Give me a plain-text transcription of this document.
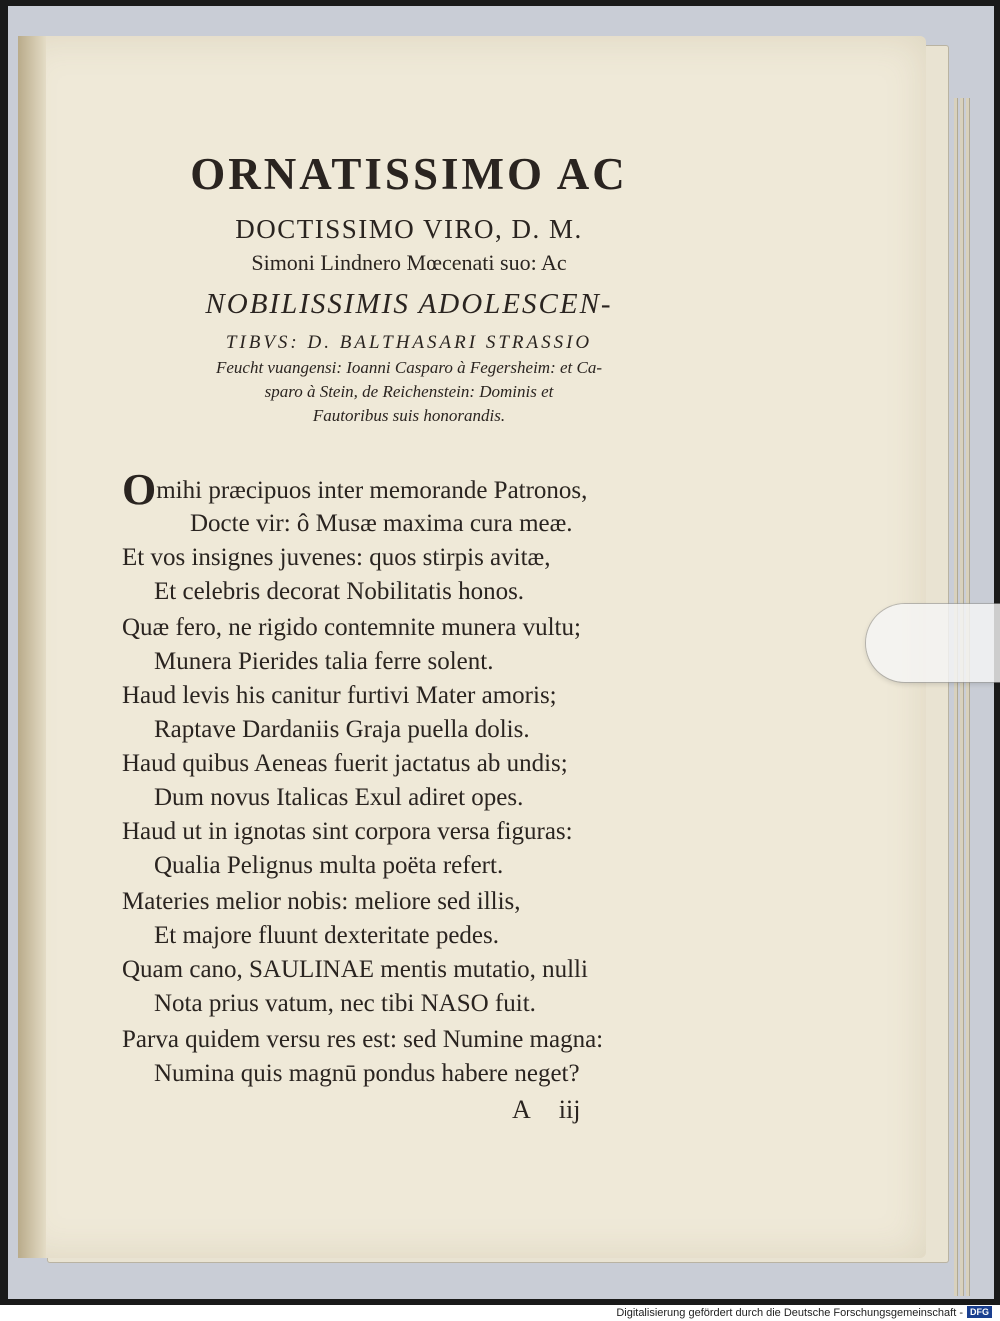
ORNATISSIMO AC
DOCTISSIMO VIRO, D. M.
Simoni Lindnero Mœcenati suo: Ac
NOBILISSIMIS ADOLESCEN-
TIBVS: D. BALTHASARI STRASSIO
Feucht vuangensi: Ioanni Casparo à Fegersheim: et Ca-
sparo à Stein, de Reichenstein: Dominis et
Fautoribus suis honorandis.
Omihi præcipuos inter memorande Patronos,
Docte vir: ô Musæ maxima cura meæ.
Et vos insignes juvenes: quos stirpis avitæ,
Et celebris decorat Nobilitatis honos.
Quæ fero, ne rigido contemnite munera vultu;
Munera Pierides talia ferre solent.
Haud levis his canitur furtivi Mater amoris;
Raptave Dardaniis Graja puella dolis.
Haud quibus Aeneas fuerit jactatus ab undis;
Dum novus Italicas Exul adiret opes.
Haud ut in ignotas sint corpora versa figuras:
Qualia Pelignus multa poëta refert.
Materies melior nobis: meliore sed illis,
Et majore fluunt dexteritate pedes.
Quam cano, SAULINAE mentis mutatio, nulli
Nota prius vatum, nec tibi NASO fuit.
Parva quidem versu res est: sed Numine magna:
Numina quis magnū pondus habere neget?
A iij
Digitalisierung gefördert durch die Deutsche Forschungsgemeinschaft - DFG
